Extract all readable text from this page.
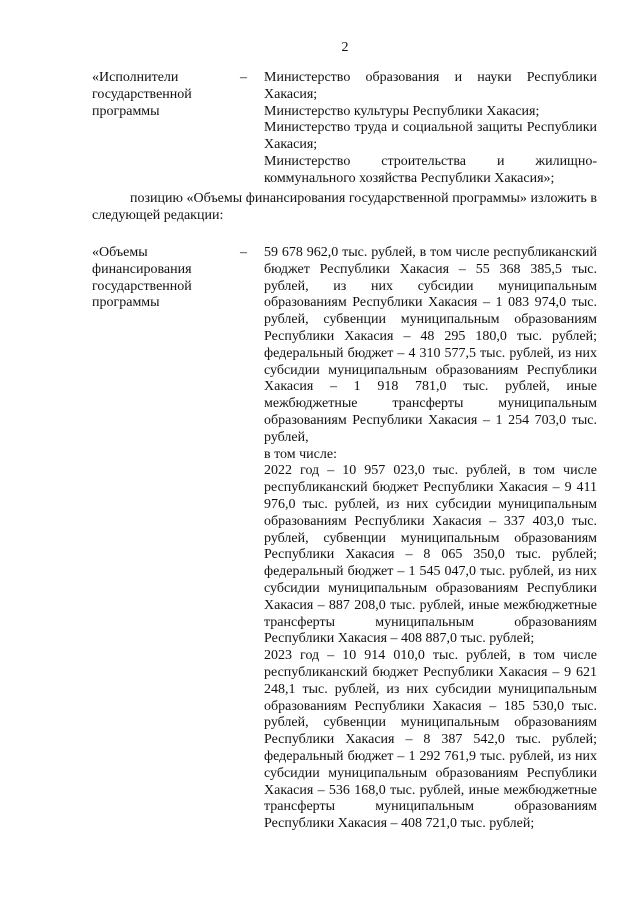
2
«Исполнители государственной программы
– Министерство образования и науки Республики Хакасия;

Министерство культуры Республики Хакасия;

Министерство труда и социальной защиты Республики Хакасия;

Министерство строительства и жилищно-коммунального хозяйства Республики Хакасия»;

позицию «Объемы финансирования государственной программы» изложить в следующей редакции:

«Объемы финансирования государственной программы
– 59 678 962,0 тыс. рублей, в том числе республиканский бюджет Республики Хакасия – 55 368 385,5 тыс. рублей, из них субсидии муниципальным образованиям Республики Хакасия – 1 083 974,0 тыс. рублей, субвенции муниципальным образованиям Республики Хакасия – 48 295 180,0 тыс. рублей; федеральный бюджет – 4 310 577,5 тыс. рублей, из них субсидии муниципальным образованиям Республики Хакасия – 1 918 781,0 тыс. рублей, иные межбюджетные трансферты муниципальным образованиям Республики Хакасия – 1 254 703,0 тыс. рублей,

в том числе:

2022 год – 10 957 023,0 тыс. рублей, в том числе республиканский бюджет Республики Хакасия – 9 411 976,0 тыс. рублей, из них субсидии муниципальным образованиям Республики Хакасия – 337 403,0 тыс. рублей, субвенции муниципальным образованиям Республики Хакасия – 8 065 350,0 тыс. рублей; федеральный бюджет – 1 545 047,0 тыс. рублей, из них субсидии муниципальным образованиям Республики Хакасия – 887 208,0 тыс. рублей, иные межбюджетные трансферты муниципальным образованиям Республики Хакасия – 408 887,0 тыс. рублей;

2023 год – 10 914 010,0 тыс. рублей, в том числе республиканский бюджет Республики Хакасия – 9 621 248,1 тыс. рублей, из них субсидии муниципальным образованиям Республики Хакасия – 185 530,0 тыс. рублей, субвенции муниципальным образованиям Республики Хакасия – 8 387 542,0 тыс. рублей; федеральный бюджет – 1 292 761,9 тыс. рублей, из них субсидии муниципальным образованиям Республики Хакасия – 536 168,0 тыс. рублей, иные межбюджетные трансферты муниципальным образованиям Республики Хакасия – 408 721,0 тыс. рублей;
